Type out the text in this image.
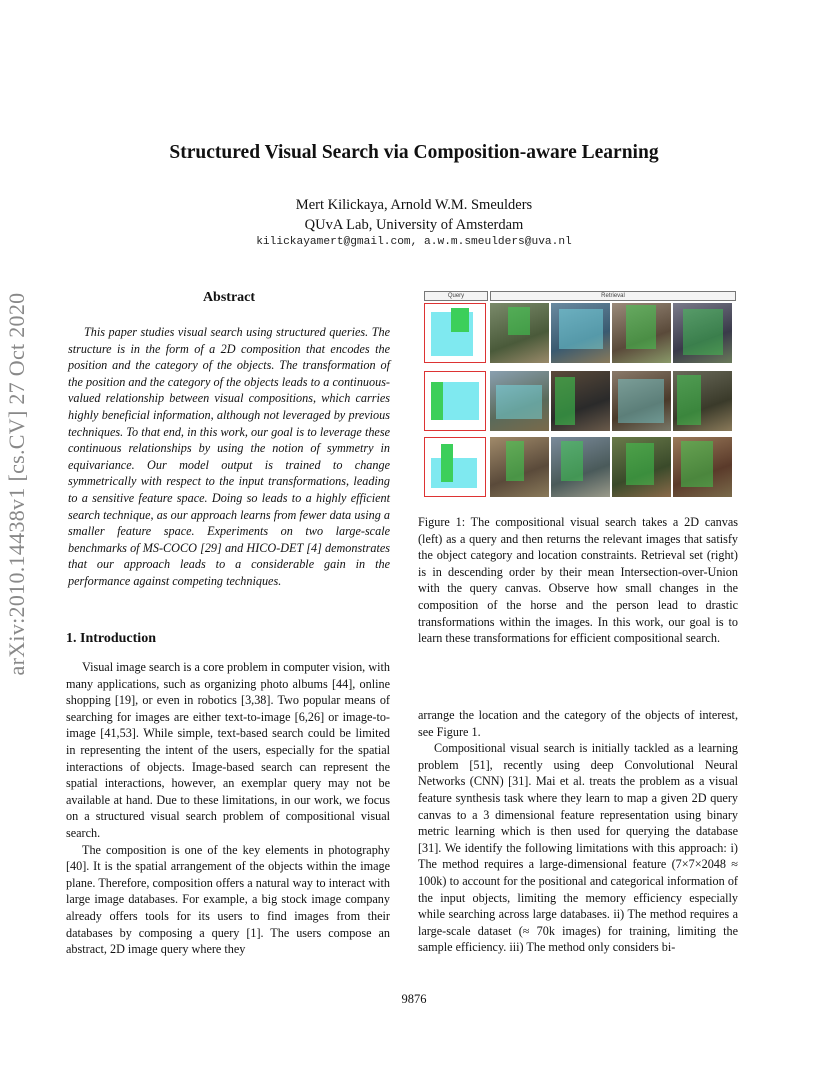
Structured Visual Search via Composition-aware Learning
Mert Kilickaya, Arnold W.M. Smeulders
QUvA Lab, University of Amsterdam
kilickayamert@gmail.com, a.w.m.smeulders@uva.nl
arXiv:2010.14438v1 [cs.CV] 27 Oct 2020	Abstract

This paper studies visual search using structured queries. The structure is in the form of a 2D composition that encodes the position and the category of the objects. The transformation of the position and the category of the objects leads to a continuous-valued relationship between visual compositions, which carries highly beneficial information, although not leveraged by previous techniques. To that end, in this work, our goal is to leverage these continuous relationships by using the notion of symmetry in equivariance. Our model output is trained to change symmetrically with respect to the input transformations, leading to a sensitive feature space. Doing so leads to a highly efficient search technique, as our approach learns from fewer data using a smaller feature space. Experiments on two large-scale benchmarks of MS-COCO [29] and HICO-DET [4] demonstrates that our approach leads to a considerable gain in the performance against competing techniques.

1. Introduction

Visual image search is a core problem in computer vision, with many applications, such as organizing photo albums [44], online shopping [19], or even in robotics [3,38]. Two popular means of searching for images are either text-to-image [6,26] or image-to-image [41,53]. While simple, text-based search could be limited in representing the intent of the users, especially for the spatial interactions of objects. Image-based search can represent the spatial interactions, however, an exemplar query may not be available at hand. Due to these limitations, in our work, we focus on a structured visual search problem of compositional visual search.

The composition is one of the key elements in photography [40]. It is the spatial arrangement of the objects within the image plane. Therefore, composition offers a natural way to interact with large image databases. For example, a big stock image company already offers tools for its users to find images from their databases by composing a query [1]. The users compose an abstract, 2D image query where they

Query	Retrieval
Figure 1: The compositional visual search takes a 2D canvas (left) as a query and then returns the relevant images that satisfy the object category and location constraints. Retrieval set (right) is in descending order by their mean Intersection-over-Union with the query canvas. Observe how small changes in the composition of the horse and the person lead to drastic transformations within the images. In this work, our goal is to learn these transformations for efficient compositional search.

arrange the location and the category of the objects of interest, see Figure 1.

Compositional visual search is initially tackled as a learning problem [51], recently using deep Convolutional Neural Networks (CNN) [31]. Mai et al. treats the problem as a visual feature synthesis task where they learn to map a given 2D query canvas to a 3 dimensional feature representation using binary metric learning which is then used for querying the database [31]. We identify the following limitations with this approach: i) The method requires a large-dimensional feature (7×7×2048 ≈ 100k) to account for the positional and categorical information of the input objects, limiting the memory efficiency especially while searching across large databases. ii) The method requires a large-scale dataset (≈ 70k images) for training, limiting the sample efficiency. iii) The method only considers bi-

9876
